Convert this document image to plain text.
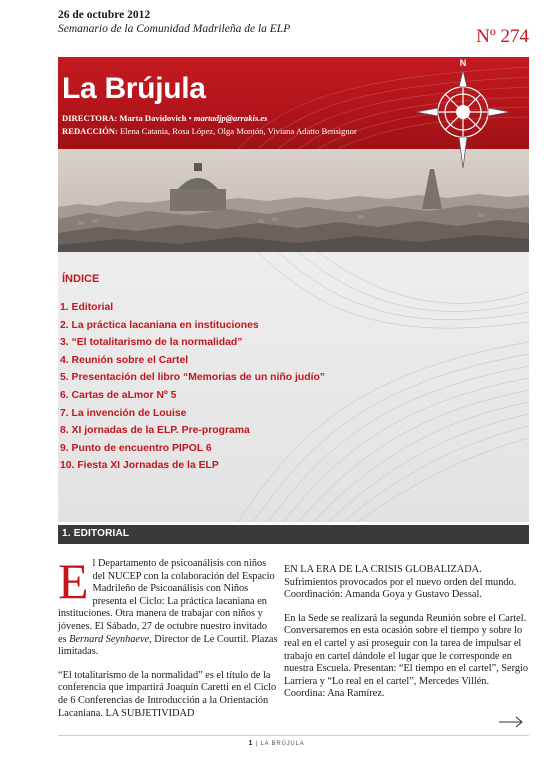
26 de octubre 2012
Semanario de la Comunidad Madrileña de la ELP	Nº 274
La Brújula
DIRECTORA: Marta Davidovich • martadjp@arrakis.es
REDACCIÓN: Elena Catania, Rosa López, Olga Montón, Viviana Adatto Bensignor
N
ÍNDICE
1. Editorial
2. La práctica lacaniana en instituciones
3. “El totalitarismo de la normalidad”
4. Reunión sobre el Cartel
5. Presentación del libro “Memorias de un niño judío”
6. Cartas de aLmor Nº 5
7. La invención de Louise
8. XI jornadas de la ELP. Pre-programa
9. Punto de encuentro PIPOL 6
10. Fiesta XI Jornadas de la ELP
1. EDITORIAL

El Departamento de psicoanálisis con niños del NUCEP con la colaboración del Espacio Madrileño de Psicoanálisis con Niños presenta el Ciclo: La práctica lacaniana en instituciones. Otra manera de trabajar con niños y jóvenes. El Sábado, 27 de octubre nuestro invitado es Bernard Seynhaeve, Director de Le Courtil. Plazas limitadas.

“El totalitarismo de la normalidad” es el título de la conferencia que impartirá Joaquín Caretti en el Ciclo de 6 Conferencias de Introducción a la Orientación Lacaniana. LA SUBJETIVIDAD

EN LA ERA DE LA CRISIS GLOBALIZADA. Sufrimientos provocados por el nuevo orden del mundo. Coordinación: Amanda Goya y Gustavo Dessal.

En la Sede se realizará la segunda Reunión sobre el Cartel. Conversaremos en esta ocasión sobre el tiempo y sobre lo real en el cartel y así proseguir con la tarea de impulsar el trabajo en cartel dándole el lugar que le corresponde en nuestra Escuela. Presentan: “El tiempo en el cartel”, Sergio Larriera y “Lo real en el cartel”, Mercedes Villén. Coordina: Ana Ramírez.

1 | LA BRÚJULA
